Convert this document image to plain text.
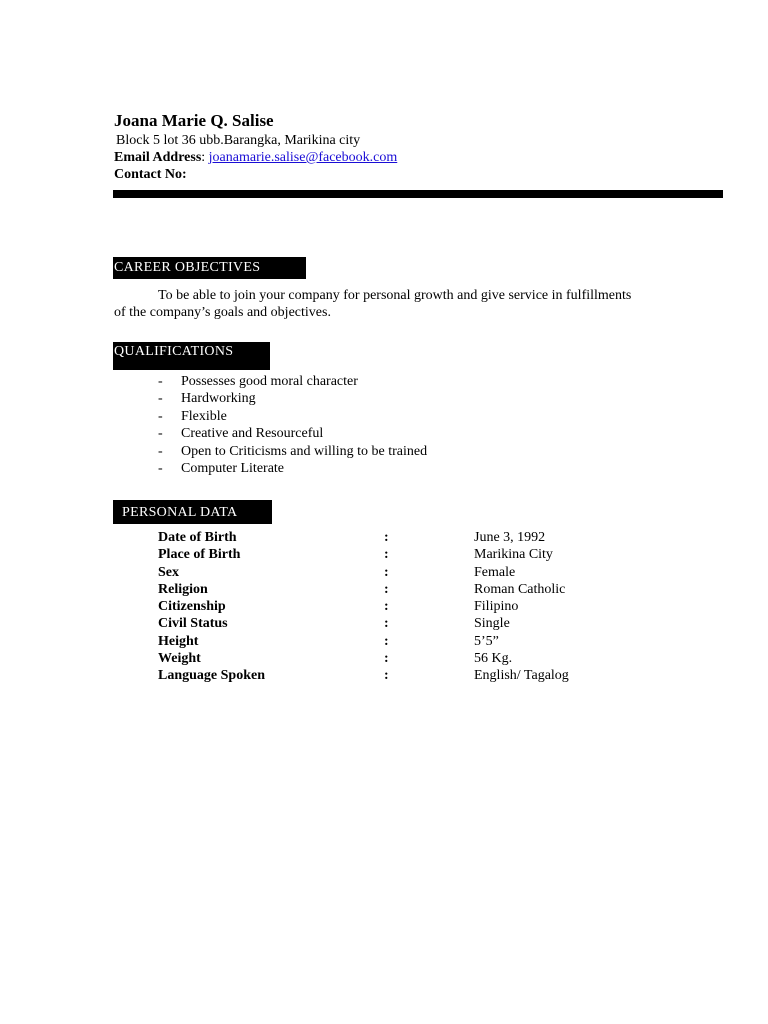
Joana Marie Q. Salise
Block 5 lot 36 ubb.Barangka, Marikina city
Email Address: joanamarie.salise@facebook.com
Contact No:
CAREER OBJECTIVES
To be able to join your company for personal growth and give service in fulfillments of the company’s goals and objectives.
QUALIFICATIONS
- Possesses good moral character
- Hardworking
- Flexible
- Creative and Resourceful
- Open to Criticisms and willing to be trained
- Computer Literate
PERSONAL DATA
Date of Birth	:	June 3, 1992
Place of Birth	:	Marikina City
Sex	:	Female
Religion	:	Roman Catholic
Citizenship	:	Filipino
Civil Status	:	Single
Height	:	5’5”
Weight	:	56 Kg.
Language Spoken	:	English/ Tagalog
